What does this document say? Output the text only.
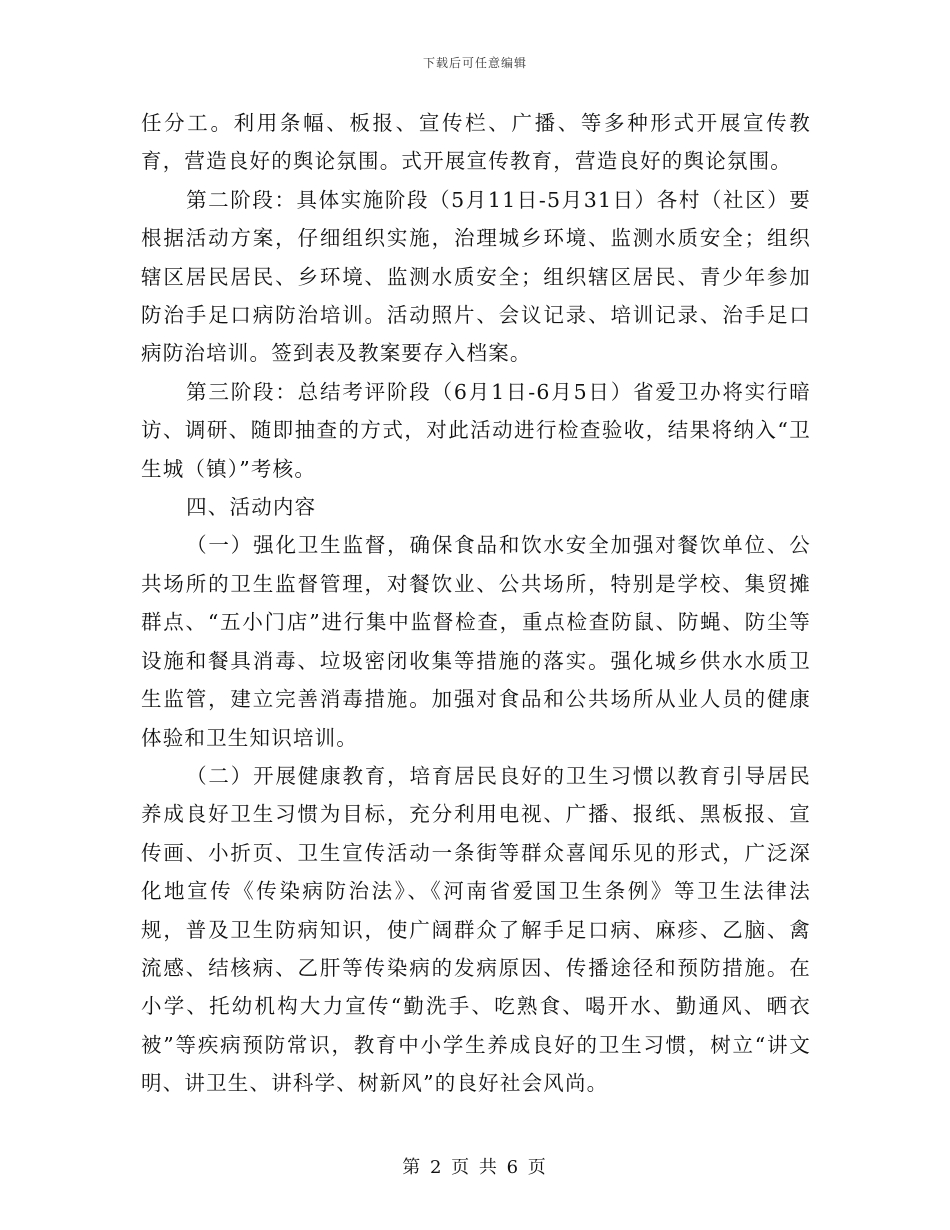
下载后可任意编辑

任分工。利用条幅、板报、宣传栏、广播、等多种形式开展宣传教育，营造良好的舆论氛围。式开展宣传教育，营造良好的舆论氛围。

第二阶段：具体实施阶段（5月11日-5月31日）各村（社区）要根据活动方案，仔细组织实施，治理城乡环境、监测水质安全；组织辖区居民居民、乡环境、监测水质安全；组织辖区居民、青少年参加防治手足口病防治培训。活动照片、会议记录、培训记录、治手足口病防治培训。签到表及教案要存入档案。

第三阶段：总结考评阶段（6月1日-6月5日）省爱卫办将实行暗访、调研、随即抽查的方式，对此活动进行检查验收，结果将纳入“卫生城（镇）”考核。

四、活动内容

（一）强化卫生监督，确保食品和饮水安全加强对餐饮单位、公共场所的卫生监督管理，对餐饮业、公共场所，特别是学校、集贸摊群点、“五小门店”进行集中监督检查，重点检查防鼠、防蝇、防尘等设施和餐具消毒、垃圾密闭收集等措施的落实。强化城乡供水水质卫生监管，建立完善消毒措施。加强对食品和公共场所从业人员的健康体验和卫生知识培训。

（二）开展健康教育，培育居民良好的卫生习惯以教育引导居民养成良好卫生习惯为目标，充分利用电视、广播、报纸、黑板报、宣传画、小折页、卫生宣传活动一条街等群众喜闻乐见的形式，广泛深化地宣传《传染病防治法》、《河南省爱国卫生条例》等卫生法律法规，普及卫生防病知识，使广阔群众了解手足口病、麻疹、乙脑、禽流感、结核病、乙肝等传染病的发病原因、传播途径和预防措施。在小学、托幼机构大力宣传“勤洗手、吃熟食、喝开水、勤通风、晒衣被”等疾病预防常识，教育中小学生养成良好的卫生习惯，树立“讲文明、讲卫生、讲科学、树新风”的良好社会风尚。

第 2 页 共 6 页
